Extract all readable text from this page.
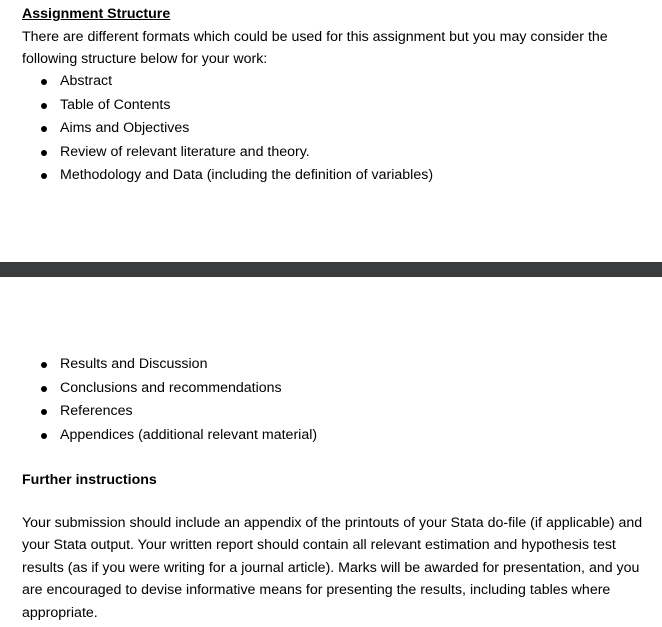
Assignment Structure
There are different formats which could be used for this assignment but you may consider the following structure below for your work:
Abstract
Table of Contents
Aims and Objectives
Review of relevant literature and theory.
Methodology and Data (including the definition of variables)
Results and Discussion
Conclusions and recommendations
References
Appendices (additional relevant material)
Further instructions
Your submission should include an appendix of the printouts of your Stata do-file (if applicable) and your Stata output. Your written report should contain all relevant estimation and hypothesis test results (as if you were writing for a journal article). Marks will be awarded for presentation, and you are encouraged to devise informative means for presenting the results, including tables where appropriate.
